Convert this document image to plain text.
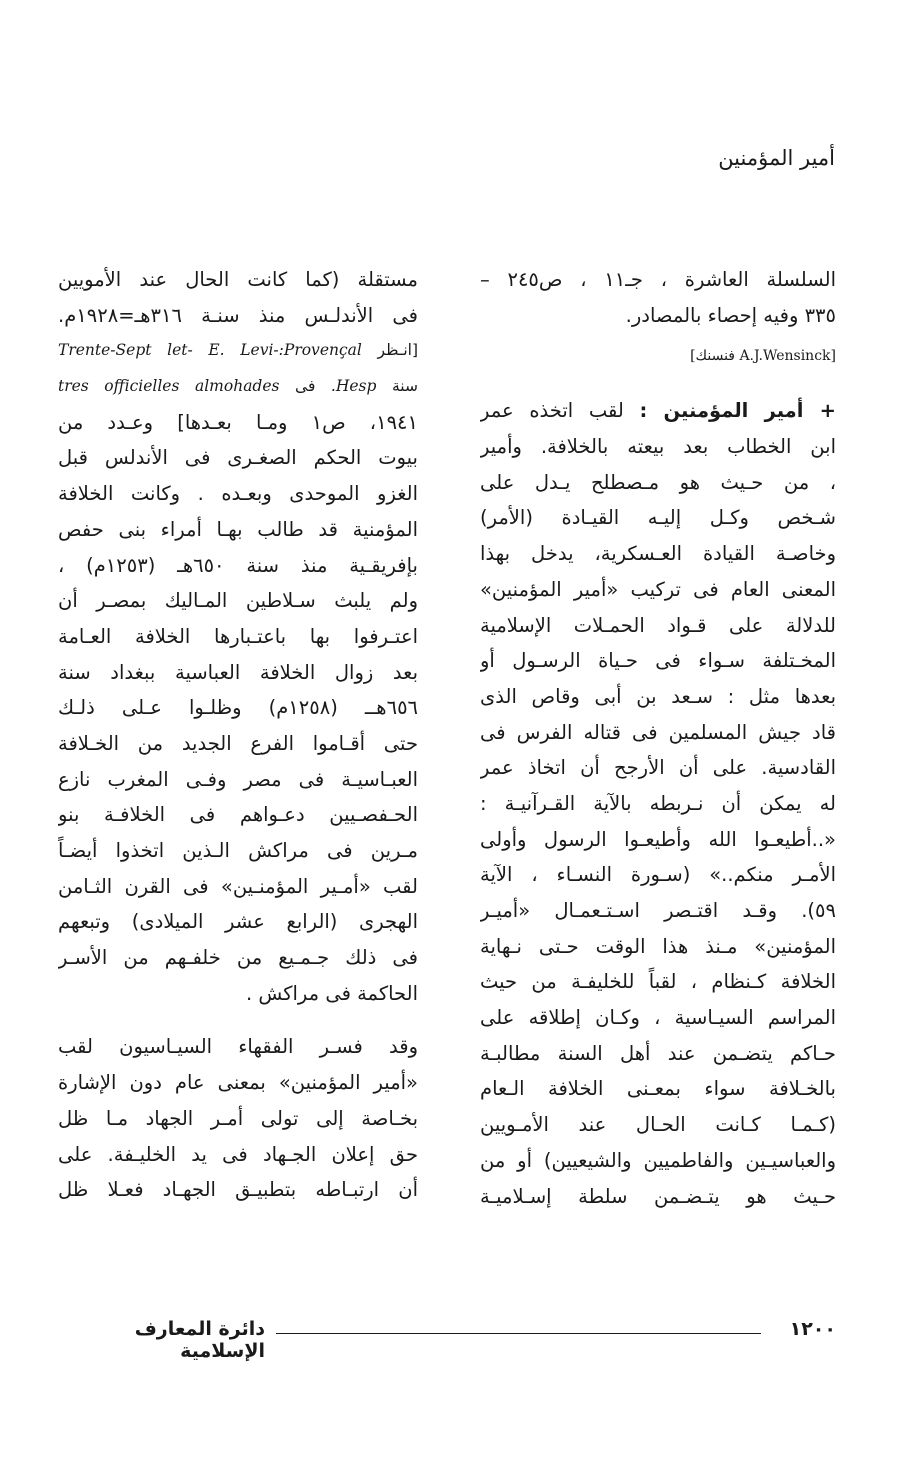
أمير المؤمنين
السلسلة العاشرة ، جـ١١ ، ص٢٤٥ –
٣٣٥ وفيه إحصاء بالمصادر.
[A.J.Wensinck فنسنك]
+ أمير المؤمنين : لقب اتخذه عمر
ابن الخطاب بعد بيعته بالخلافة. وأمير
، من حـيث هو مـصطلح يـدل على
شـخص وكـل إليـه القيـادة (الأمر)
وخاصـة القيادة العـسكرية، يدخل بهذا
المعنى العام فى تركيب «أمير المؤمنين»
للدلالة على قـواد الحمـلات الإسلامية
المخـتلفة سـواء فى حـياة الرسـول أو
بعدها مثل : سـعد بن أبى وقاص الذى
قاد جيش المسلمين فى قتاله الفرس فى
القادسية. على أن الأرجح أن اتخاذ عمر
له يمكن أن نـربطه بالآية القـرآنيـة :
«..أطيعـوا الله وأطيعـوا الرسول وأولى
الأمـر منكم..» (سـورة النسـاء ، الآية
٥٩). وقـد اقتـصر اسـتـعمـال «أميـر
المؤمنين» مـنذ هذا الوقت حـتى نـهاية
الخلافة كـنظام ، لقباً للخليفـة من حيث
المراسم السيـاسية ، وكـان إطلاقه على
حـاكم يتضـمن عند أهل السنة مطالبـة
بالخـلافة سواء بمعـنى الخلافة الـعام
(كـمـا كـانت الحـال عند الأمـويين
والعباسيـين والفاطميين والشيعيين) أو من
حـيث هو يتـضـمن سلطة إسـلاميـة
مستقلة (كما كانت الحال عند الأمويين
فى الأندلـس منذ سنـة ٣١٦هـ=١٩٢٨م.
[انـظر Trente-Sept let- E. Levi-:Provençal
سنة Hesp. فى tres officielles almohades
١٩٤١، ص١ ومـا بعـدها] وعـدد من
بيوت الحكم الصغـرى فى الأندلس قبل
الغزو الموحدى وبعـده . وكانت الخلافة
المؤمنية قد طالب بهـا أمراء بنى حفص
بإفريقـية منذ سنة ٦٥٠هـ (١٢٥٣م) ،
ولم يلبث سـلاطين المـاليك بمصـر أن
اعتـرفوا بها باعتـبارها الخلافة العـامة
بعد زوال الخلافة العباسية ببغداد سنة
٦٥٦هــ (١٢٥٨م) وظلـوا عـلى ذلـك
حتى أقـاموا الفرع الجديد من الخـلافة
العبـاسيـة فى مصر وفـى المغرب نازع
الحـفصـيين دعـواهم فى الخلافـة بنو
مـرين فى مراكش الـذين اتخذوا أيضـاً
لقب «أمـير المؤمنـين» فى القرن الثـامن
الهجرى (الرابع عشر الميلادى) وتبعهم
فى ذلك جـمـيع من خلفـهم من الأسـر
الحاكمة فى مراكش .
وقد فسـر الفقهاء السيـاسيون لقب
«أمير المؤمنين» بمعنى عام دون الإشارة
بخـاصة إلى تولى أمـر الجهاد مـا ظل
حق إعلان الجـهاد فى يد الخليـفة. على
أن ارتبـاطه بتطبيـق الجهـاد فعـلا ظل
دائرة المعارف الإسلامية
١٢٠٠
